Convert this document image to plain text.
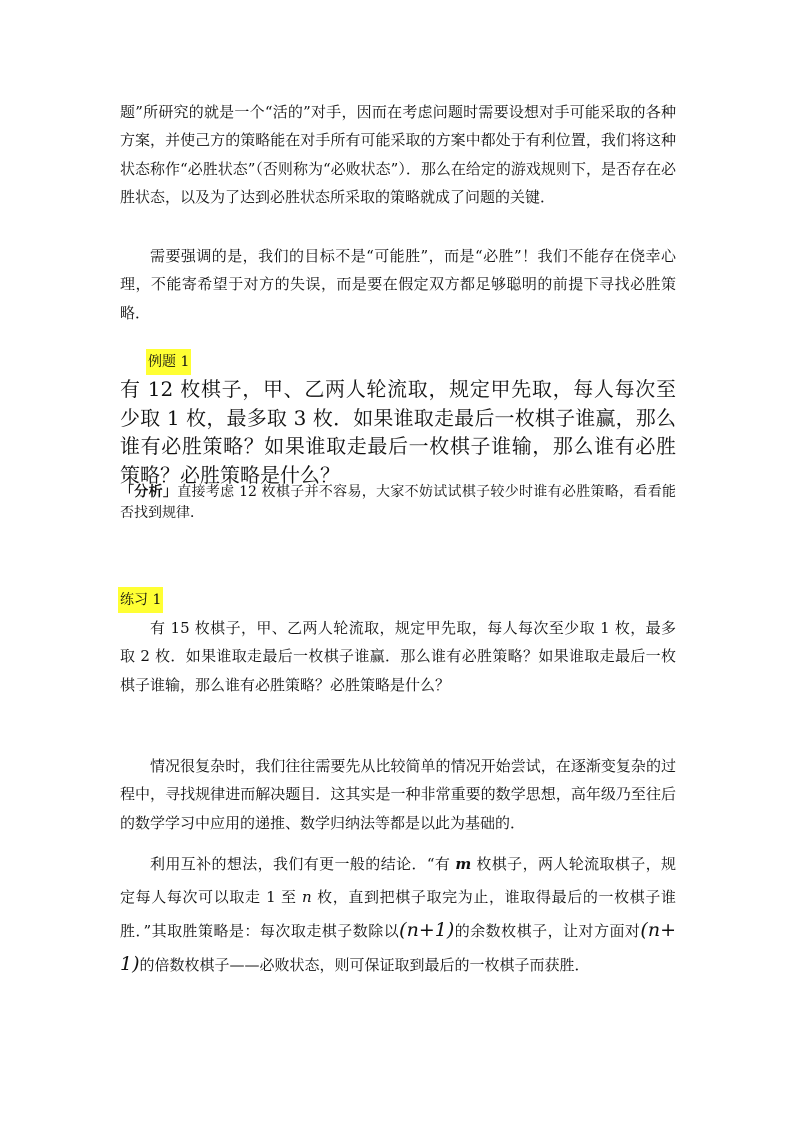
题”所研究的就是一个“活的”对手，因而在考虑问题时需要设想对手可能采取的各种方案，并使己方的策略能在对手所有可能采取的方案中都处于有利位置，我们将这种状态称作“必胜状态”（否则称为“必败状态”）．那么在给定的游戏规则下，是否存在必胜状态，以及为了达到必胜状态所采取的策略就成了问题的关键．

需要强调的是，我们的目标不是“可能胜”，而是“必胜”！我们不能存在侥幸心理，不能寄希望于对方的失误，而是要在假定双方都足够聪明的前提下寻找必胜策略．

例题 1

有 12 枚棋子，甲、乙两人轮流取，规定甲先取，每人每次至少取 1 枚，最多取 3 枚．如果谁取走最后一枚棋子谁赢，那么谁有必胜策略？如果谁取走最后一枚棋子谁输，那么谁有必胜策略？必胜策略是什么？

「分析」直接考虑 12 枚棋子并不容易，大家不妨试试棋子较少时谁有必胜策略，看看能否找到规律．

练习 1

有 15 枚棋子，甲、乙两人轮流取，规定甲先取，每人每次至少取 1 枚，最多取 2 枚．如果谁取走最后一枚棋子谁赢．那么谁有必胜策略？如果谁取走最后一枚棋子谁输，那么谁有必胜策略？必胜策略是什么？

情况很复杂时，我们往往需要先从比较简单的情况开始尝试，在逐渐变复杂的过程中，寻找规律进而解决题目．这其实是一种非常重要的数学思想，高年级乃至往后的数学学习中应用的递推、数学归纳法等都是以此为基础的．

利用互补的想法，我们有更一般的结论．“有 m 枚棋子，两人轮流取棋子，规定每人每次可以取走 1 至 n 枚，直到把棋子取完为止，谁取得最后的一枚棋子谁胜．”其取胜策略是：每次取走棋子数除以(n+1)的余数枚棋子，让对方面对(n+1)的倍数枚棋子——必败状态，则可保证取到最后的一枚棋子而获胜．
